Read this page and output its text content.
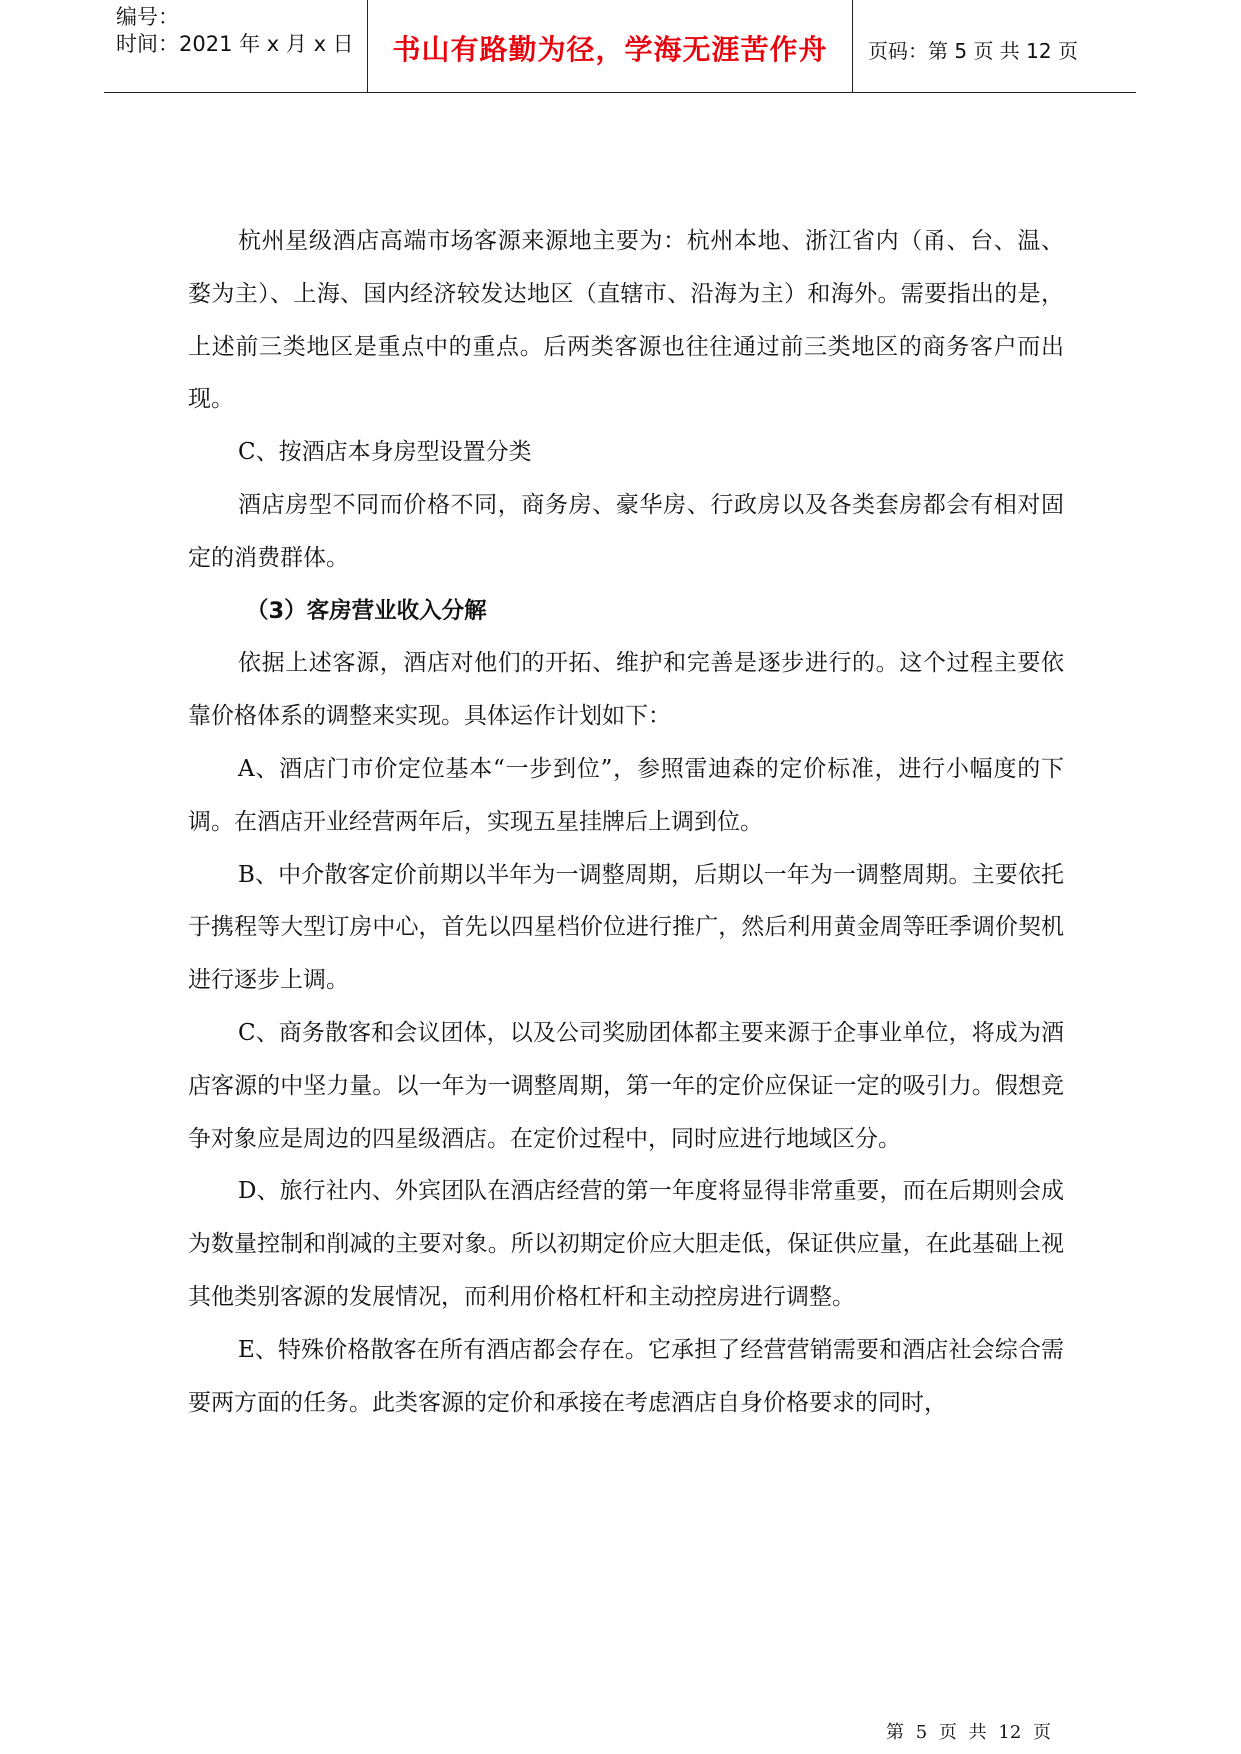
编号：
时间：2021 年 x 月 x 日	书山有路勤为径，学海无涯苦作舟	页码：第 5 页 共 12 页

杭州星级酒店高端市场客源来源地主要为：杭州本地、浙江省内（甬、台、温、婺为主）、上海、国内经济较发达地区（直辖市、沿海为主）和海外。需要指出的是，上述前三类地区是重点中的重点。后两类客源也往往通过前三类地区的商务客户而出现。

C、按酒店本身房型设置分类

酒店房型不同而价格不同，商务房、豪华房、行政房以及各类套房都会有相对固定的消费群体。

（3）客房营业收入分解

依据上述客源，酒店对他们的开拓、维护和完善是逐步进行的。这个过程主要依靠价格体系的调整来实现。具体运作计划如下：

A、酒店门市价定位基本“一步到位”，参照雷迪森的定价标准，进行小幅度的下调。在酒店开业经营两年后，实现五星挂牌后上调到位。

B、中介散客定价前期以半年为一调整周期，后期以一年为一调整周期。主要依托于携程等大型订房中心，首先以四星档价位进行推广，然后利用黄金周等旺季调价契机进行逐步上调。

C、商务散客和会议团体，以及公司奖励团体都主要来源于企事业单位，将成为酒店客源的中坚力量。以一年为一调整周期，第一年的定价应保证一定的吸引力。假想竞争对象应是周边的四星级酒店。在定价过程中，同时应进行地域区分。

D、旅行社内、外宾团队在酒店经营的第一年度将显得非常重要，而在后期则会成为数量控制和削减的主要对象。所以初期定价应大胆走低，保证供应量，在此基础上视其他类别客源的发展情况，而利用价格杠杆和主动控房进行调整。

E、特殊价格散客在所有酒店都会存在。它承担了经营营销需要和酒店社会综合需要两方面的任务。此类客源的定价和承接在考虑酒店自身价格要求的同时，

第 5 页 共 12 页
